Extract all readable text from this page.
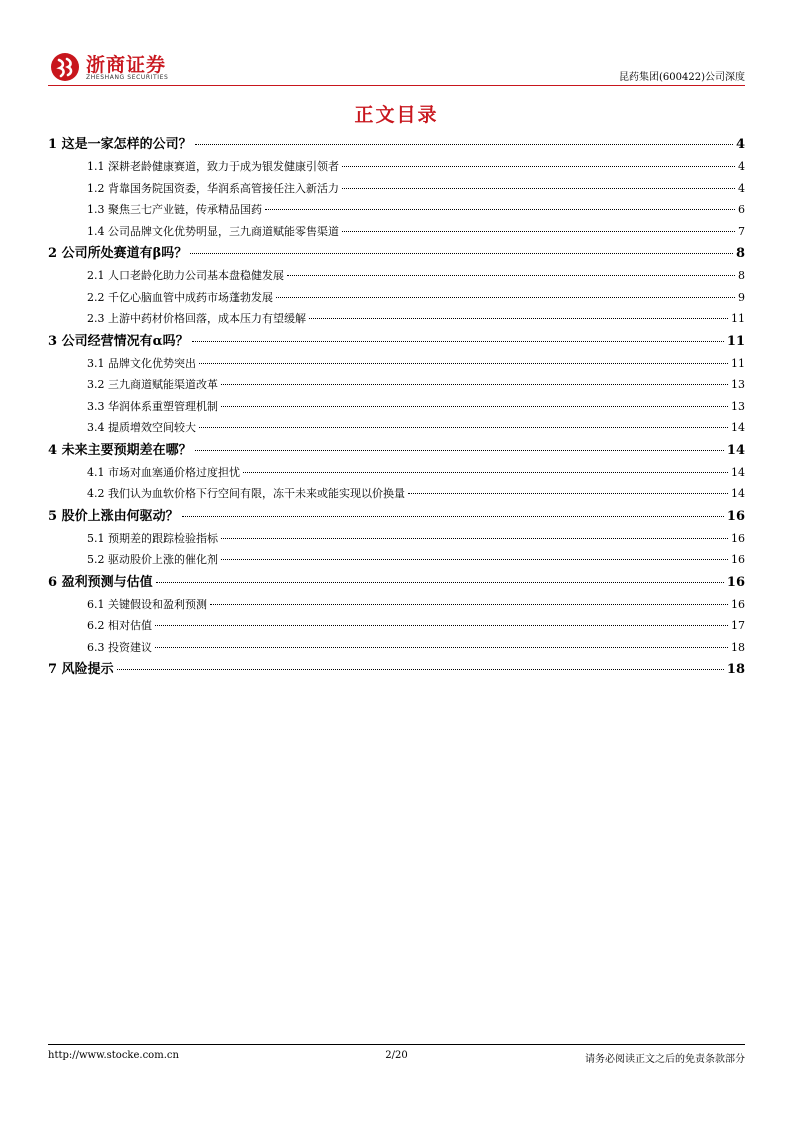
浙商证券
ZHESHANG SECURITIES	昆药集团(600422)公司深度
正文目录
1 这是一家怎样的公司？	4
1.1 深耕老龄健康赛道，致力于成为银发健康引领者	4
1.2 背靠国务院国资委，华润系高管接任注入新活力	4
1.3 聚焦三七产业链，传承精品国药	6
1.4 公司品牌文化优势明显，三九商道赋能零售渠道	7
2 公司所处赛道有β吗？	8
2.1 人口老龄化助力公司基本盘稳健发展	8
2.2 千亿心脑血管中成药市场蓬勃发展	9
2.3 上游中药材价格回落，成本压力有望缓解	11
3 公司经营情况有α吗？	11
3.1 品牌文化优势突出	11
3.2 三九商道赋能渠道改革	13
3.3 华润体系重塑管理机制	13
3.4 提质增效空间较大	14
4 未来主要预期差在哪？	14
4.1 市场对血塞通价格过度担忧	14
4.2 我们认为血软价格下行空间有限，冻干未来或能实现以价换量	14
5 股价上涨由何驱动？	16
5.1 预期差的跟踪检验指标	16
5.2 驱动股价上涨的催化剂	16
6 盈利预测与估值	16
6.1 关键假设和盈利预测	16
6.2 相对估值	17
6.3 投资建议	18
7 风险提示	18
http://www.stocke.com.cn	2/20	请务必阅读正文之后的免责条款部分
